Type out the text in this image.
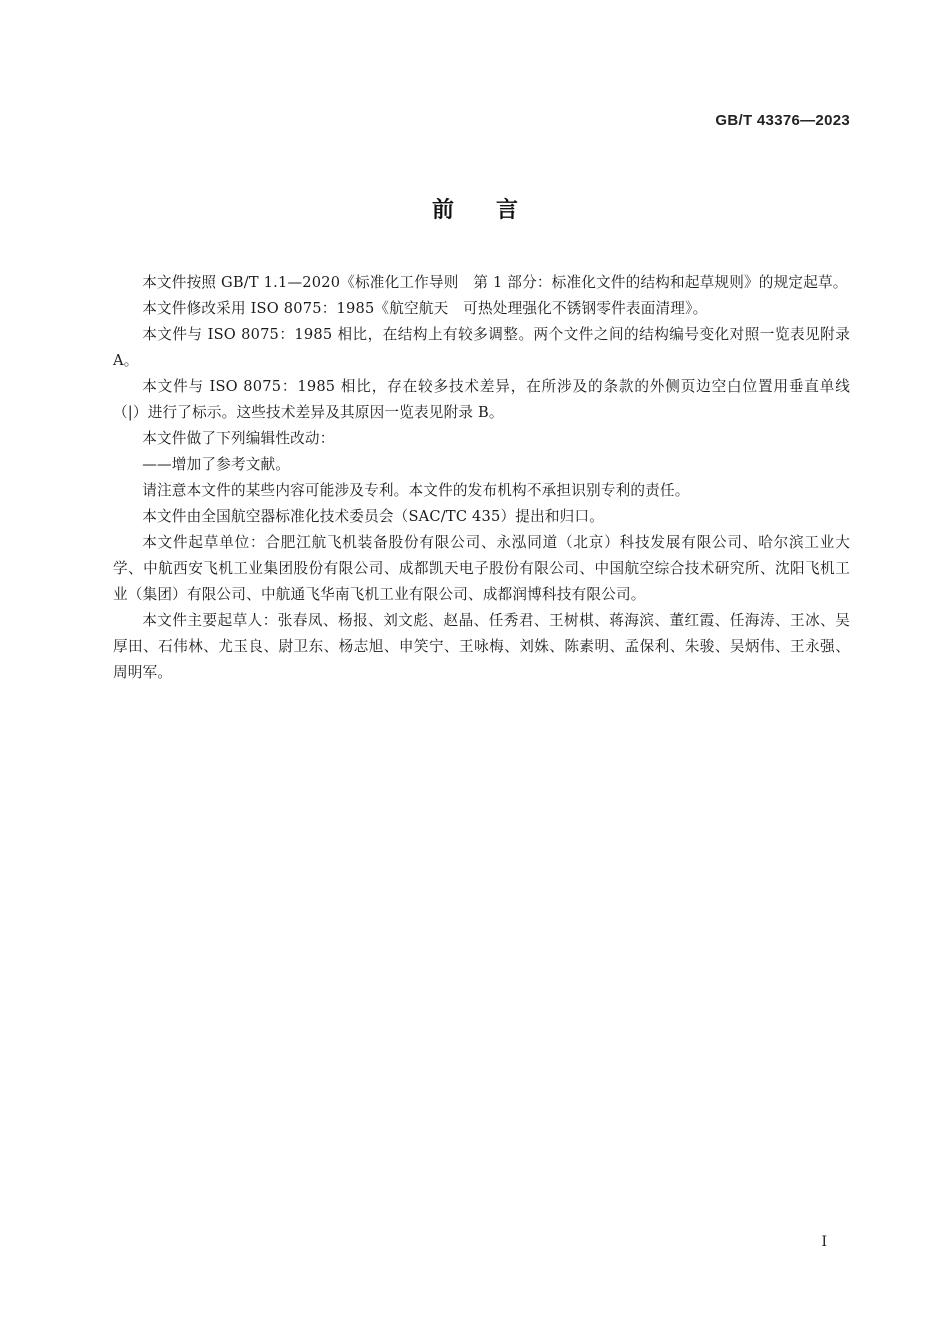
GB/T 43376—2023
前言

本文件按照 GB/T 1.1—2020《标准化工作导则　第 1 部分：标准化文件的结构和起草规则》的规定起草。

本文件修改采用 ISO 8075：1985《航空航天　可热处理强化不锈钢零件表面清理》。

本文件与 ISO 8075：1985 相比，在结构上有较多调整。两个文件之间的结构编号变化对照一览表见附录 A。

本文件与 ISO 8075：1985 相比，存在较多技术差异，在所涉及的条款的外侧页边空白位置用垂直单线（|）进行了标示。这些技术差异及其原因一览表见附录 B。

本文件做了下列编辑性改动：

——增加了参考文献。

请注意本文件的某些内容可能涉及专利。本文件的发布机构不承担识别专利的责任。

本文件由全国航空器标准化技术委员会（SAC/TC 435）提出和归口。

本文件起草单位：合肥江航飞机装备股份有限公司、永泓同道（北京）科技发展有限公司、哈尔滨工业大学、中航西安飞机工业集团股份有限公司、成都凯天电子股份有限公司、中国航空综合技术研究所、沈阳飞机工业（集团）有限公司、中航通飞华南飞机工业有限公司、成都润博科技有限公司。

本文件主要起草人：张春凤、杨报、刘文彪、赵晶、任秀君、王树棋、蒋海滨、董红霞、任海涛、王冰、吴厚田、石伟林、尤玉良、尉卫东、杨志旭、申笑宁、王咏梅、刘姝、陈素明、孟保利、朱骏、吴炳伟、王永强、周明军。

I
